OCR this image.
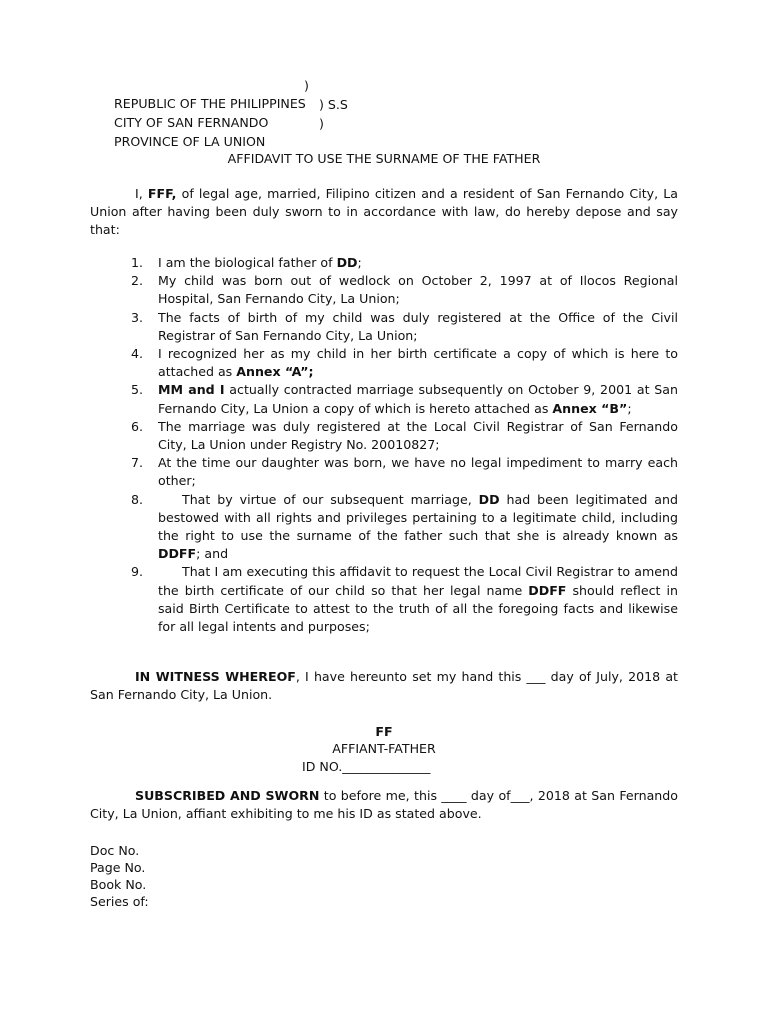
REPUBLIC OF THE PHILIPPINES

)

CITY OF SAN FERNANDO

) S.S

PROVINCE OF LA UNION

)

AFFIDAVIT TO USE THE SURNAME OF THE FATHER
I, FFF, of legal age, married, Filipino citizen and a resident of San Fernando City, La Union after having been duly sworn to in accordance with law, do hereby depose and say that:
1. I am the biological father of DD;
2. My child was born out of wedlock on October 2, 1997 at of Ilocos Regional Hospital, San Fernando City, La Union;
3. The facts of birth of my child was duly registered at the Office of the Civil Registrar of San Fernando City, La Union;
4. I recognized her as my child in her birth certificate a copy of which is here to attached as Annex “A”;
5. MM and I actually contracted marriage subsequently on October 9, 2001 at San Fernando City, La Union a copy of which is hereto attached as Annex “B”;
6. The marriage was duly registered at the Local Civil Registrar of San Fernando City, La Union under Registry No. 20010827;
7. At the time our daughter was born, we have no legal impediment to marry each other;
8.	That by virtue of our subsequent marriage, DD had been legitimated and bestowed with all rights and privileges pertaining to a legitimate child, including the right to use the surname of the father such that she is already known as DDFF; and
9.	That I am executing this affidavit to request the Local Civil Registrar to amend the birth certificate of our child so that her legal name DDFF should reflect in said Birth Certificate to attest to the truth of all the foregoing facts and likewise for all legal intents and purposes;
IN WITNESS WHEREOF, I have hereunto set my hand this ___ day of July, 2018 at San Fernando City, La Union.
FF
AFFIANT-FATHER
ID NO.______________
SUBSCRIBED AND SWORN to before me, this ____ day of___, 2018 at San Fernando City, La Union, affiant exhibiting to me his ID as stated above.
Doc No.
Page No.
Book No.
Series of:
